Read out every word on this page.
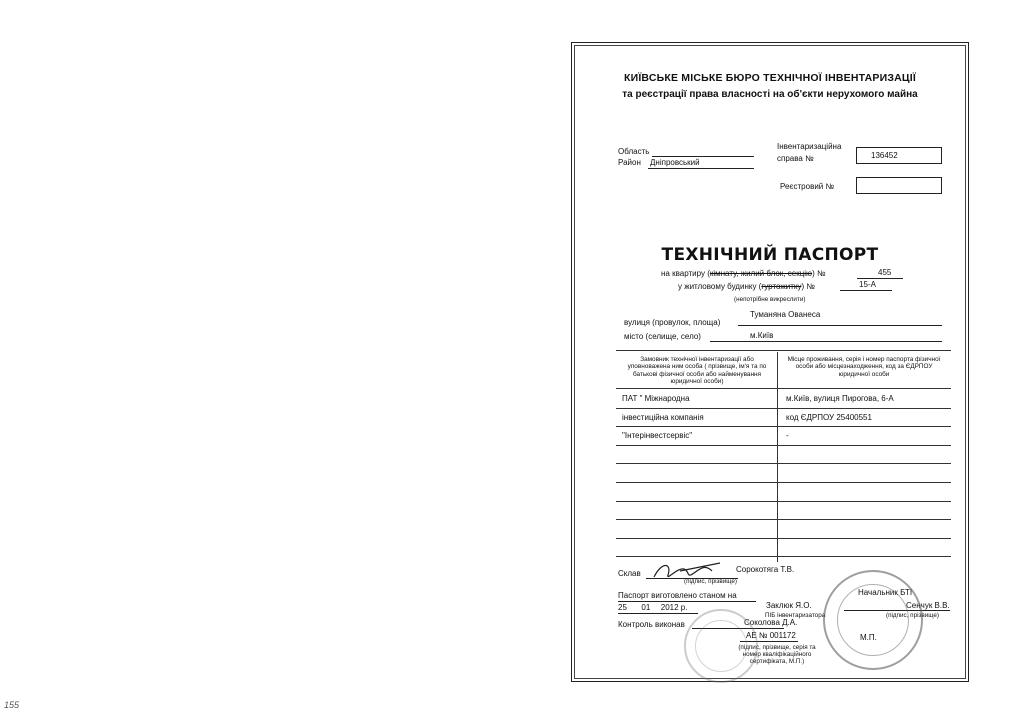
155
КИЇВСЬКЕ МІСЬКЕ БЮРО ТЕХНІЧНОЇ ІНВЕНТАРИЗАЦІЇ
та реєстрації права власності на об'єкти нерухомого майна
Область
Район Дніпровський
Інвентаризаційна
справа №	136452
Реєстровий №
ТЕХНІЧНИЙ ПАСПОРТ
на квартиру (кімнату, жилий блок, секцію) №	455
у житловому будинку (гуртожитку) №	15-А
(непотрібне викреслити)
Туманяна Ованеса
вулиця (провулок, площа)
місто (селище, село)	м.Київ
Замовник технічної інвентаризації або уповноважена ним особа ( прізвище, ім'я та по батькові фізичної особи або найменування юридичної особи)
Місце проживання, серія і номер паспорта фізичної особи або місцезнаходження, код за ЄДРПОУ юридичної особи
ПАТ " Міжнародна	м.Київ, вулиця Пирогова, 6-А
інвестиційна компанія	код ЄДРПОУ 25400551
"Інтерінвестсервіс"	-
Склав	Сорокотяга Т.В.
(підпис, прізвище)
Паспорт виготовлено станом на
25 01 2012 р.	Заклюк Я.О.
ПІБ інвентаризатора
Начальник БТІ
Сенчук В.В.
(підпис, прізвище)
Контроль виконав	Соколова Д.А.
АЕ № 001172
(підпис, прізвище, серія та
номер кваліфікаційного
сертифіката, М.П.)
М.П.
